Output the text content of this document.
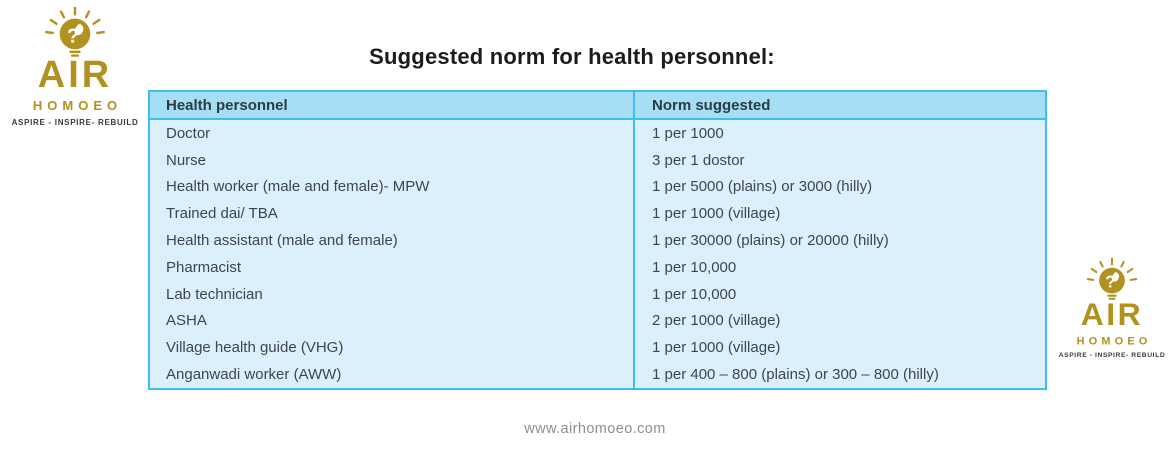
Suggested norm for health personnel:
?
AIR
HOMOEO
ASPIRE - INSPIRE- REBUILD
Health personnel	Norm suggested
Doctor	1 per 1000
Nurse	3 per 1 dostor
Health worker (male and female)- MPW	1 per 5000 (plains) or 3000 (hilly)
Trained dai/ TBA	1 per 1000 (village)
Health assistant (male and female)	1 per 30000 (plains) or 20000 (hilly)
Pharmacist	1 per 10,000
Lab technician	1 per 10,000
ASHA	2 per 1000 (village)
Village health guide (VHG)	1 per 1000 (village)
Anganwadi worker (AWW)	1 per 400 – 800 (plains) or 300 – 800 (hilly)
?
AIR
HOMOEO
ASPIRE - INSPIRE- REBUILD
www.airhomoeo.com
